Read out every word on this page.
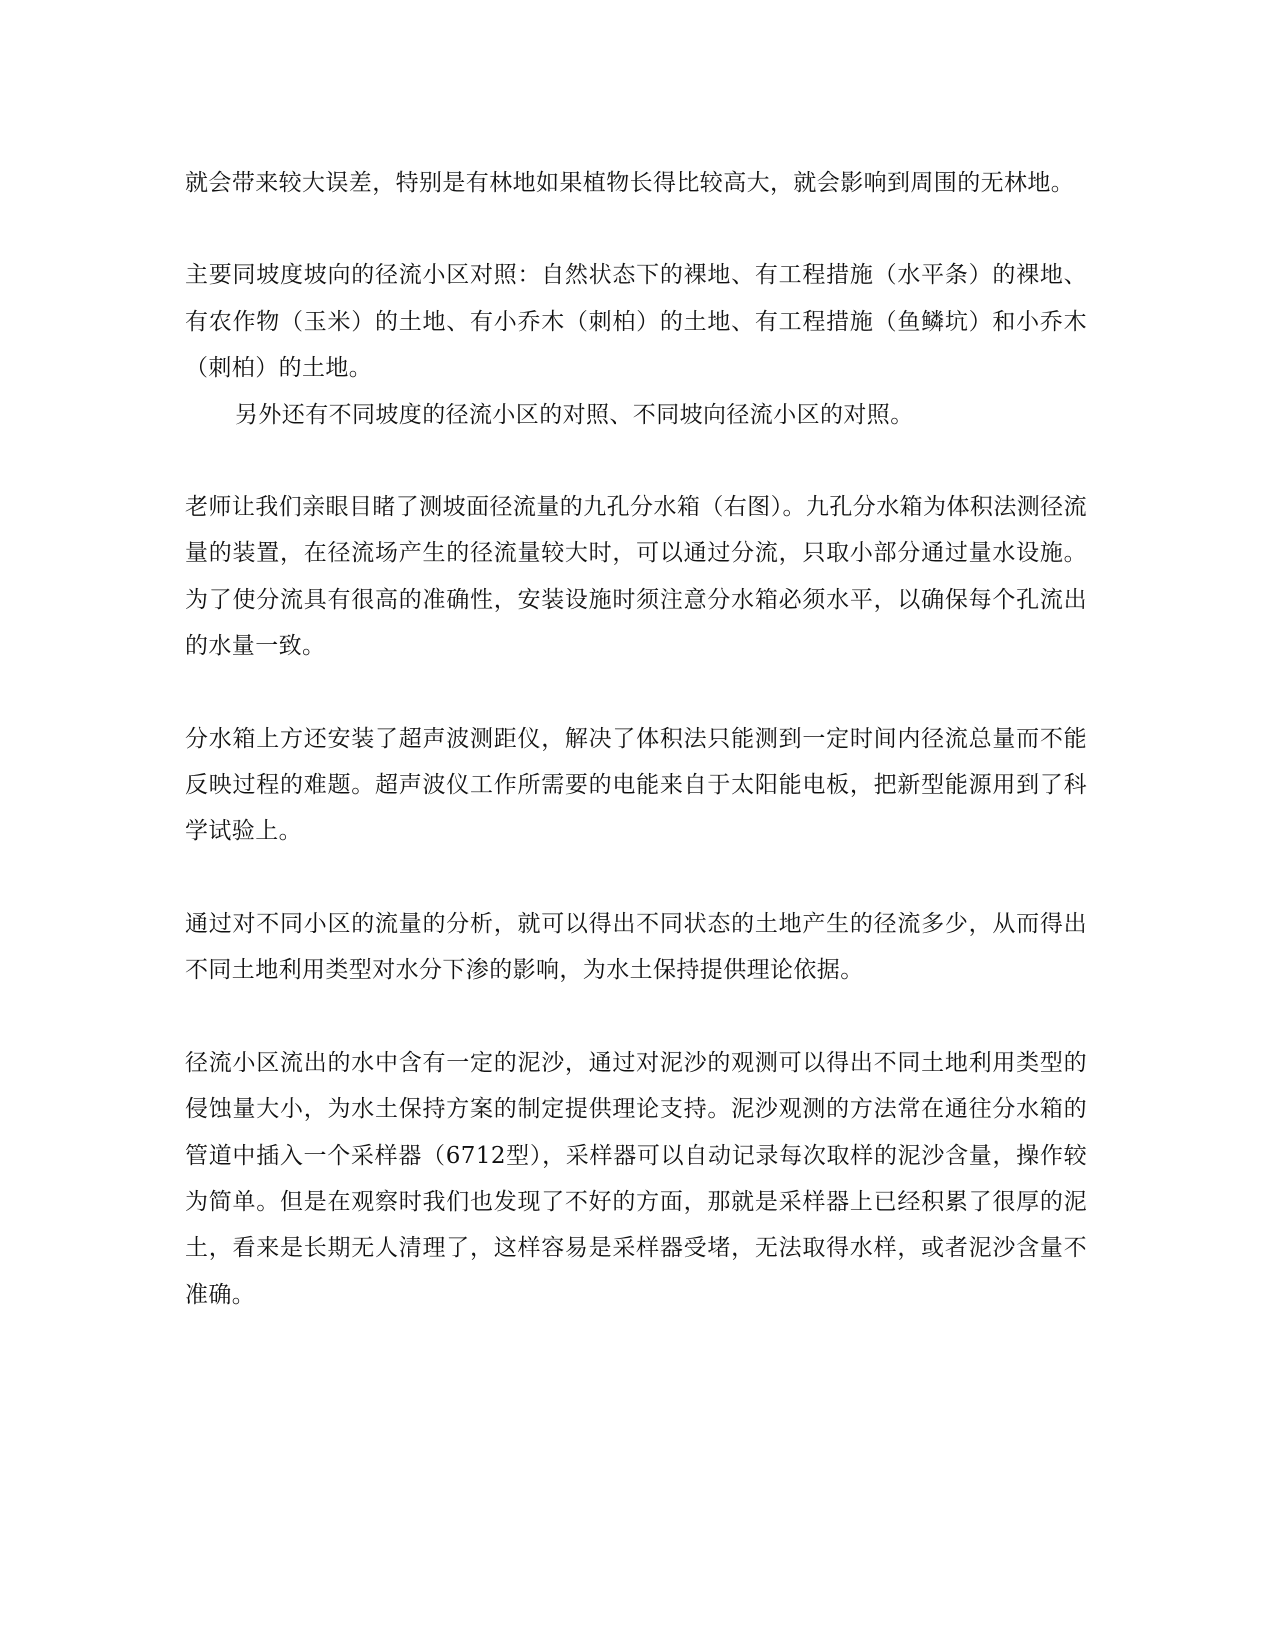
就会带来较大误差，特别是有林地如果植物长得比较高大，就会影响到周围的无林地。

主要同坡度坡向的径流小区对照：自然状态下的裸地、有工程措施（水平条）的裸地、有农作物（玉米）的土地、有小乔木（刺柏）的土地、有工程措施（鱼鳞坑）和小乔木（刺柏）的土地。

另外还有不同坡度的径流小区的对照、不同坡向径流小区的对照。

老师让我们亲眼目睹了测坡面径流量的九孔分水箱（右图）。九孔分水箱为体积法测径流量的装置，在径流场产生的径流量较大时，可以通过分流，只取小部分通过量水设施。为了使分流具有很高的准确性，安装设施时须注意分水箱必须水平，以确保每个孔流出的水量一致。

分水箱上方还安装了超声波测距仪，解决了体积法只能测到一定时间内径流总量而不能反映过程的难题。超声波仪工作所需要的电能来自于太阳能电板，把新型能源用到了科学试验上。

通过对不同小区的流量的分析，就可以得出不同状态的土地产生的径流多少，从而得出不同土地利用类型对水分下渗的影响，为水土保持提供理论依据。

径流小区流出的水中含有一定的泥沙，通过对泥沙的观测可以得出不同土地利用类型的侵蚀量大小，为水土保持方案的制定提供理论支持。泥沙观测的方法常在通往分水箱的管道中插入一个采样器（6712型），采样器可以自动记录每次取样的泥沙含量，操作较为简单。但是在观察时我们也发现了不好的方面，那就是采样器上已经积累了很厚的泥土，看来是长期无人清理了，这样容易是采样器受堵，无法取得水样，或者泥沙含量不准确。
